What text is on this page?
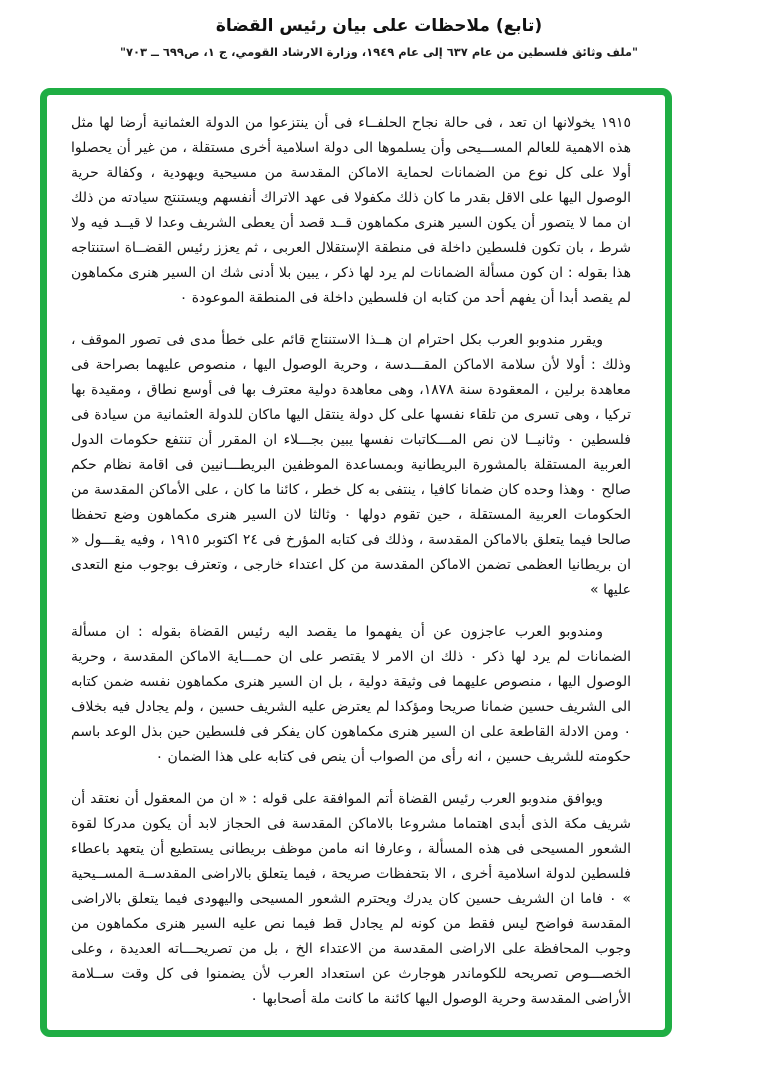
(تابع) ملاحظات على بيان رئيس القضاة
"ملف وثائق فلسطين من عام ٦٣٧ إلى عام ١٩٤٩، وزارة الارشاد القومي، ج ١، ص٦٩٩ ــ ٧٠٣"

١٩١٥ يخولانها ان تعد ، فى حالة نجاح الحلفــاء فى أن ينتزعوا من الدولة العثمانية أرضا لها مثل هذه الاهمية للعالم المســـيحى وأن يسلموها الى دولة اسلامية أخرى مستقلة ، من غير أن يحصلوا أولا على كل نوع من الضمانات لحماية الاماكن المقدسة من مسيحية ويهودية ، وكفالة حرية الوصول اليها على الاقل بقدر ما كان ذلك مكفولا فى عهد الاتراك أنفسهم ويستنتج سيادته من ذلك ان مما لا يتصور أن يكون السير هنرى مكماهون قــد قصد أن يعطى الشريف وعدا لا قيــد فيه ولا شرط ، بان تكون فلسطين داخلة فى منطقة الإستقلال العربى ، ثم يعزز رئيس القضــاة استنتاجه هذا بقوله : ان كون مسألة الضمانات لم يرد لها ذكر ، يبين بلا أدنى شك ان السير هنرى مكماهون لم يقصد أبدا أن يفهم أحد من كتابه ان فلسطين داخلة فى المنطقة الموعودة ٠

ويقرر مندوبو العرب بكل احترام ان هــذا الاستنتاج قائم على خطأ مدى فى تصور الموقف ، وذلك : أولا لأن سلامة الاماكن المقـــدسة ، وحرية الوصول اليها ، منصوص عليهما بصراحة فى معاهدة برلين ، المعقودة سنة ١٨٧٨، وهى معاهدة دولية معترف بها فى أوسع نطاق ، ومقيدة بها تركيا ، وهى تسرى من تلقاء نفسها على كل دولة ينتقل اليها ماكان للدولة العثمانية من سيادة فى فلسطين ٠ وثانيــا لان نص المـــكاتبات نفسها يبين بجـــلاء ان المقرر أن تنتفع حكومات الدول العربية المستقلة بالمشورة البريطانية وبمساعدة الموظفين البريطـــانيين فى اقامة نظام حكم صالح ٠ وهذا وحده كان ضمانا كافيا ، ينتفى به كل خطر ، كائنا ما كان ، على الأماكن المقدسة من الحكومات العربية المستقلة ، حين تقوم دولها ٠ وثالثا لان السير هنرى مكماهون وضع تحفظا صالحا فيما يتعلق بالاماكن المقدسة ، وذلك فى كتابه المؤرخ فى ٢٤ اكتوبر ١٩١٥ ، وفيه يقـــول « ان بريطانيا العظمى تضمن الاماكن المقدسة من كل اعتداء خارجى ، وتعترف بوجوب منع التعدى عليها »

ومندوبو العرب عاجزون عن أن يفهموا ما يقصد اليه رئيس القضاة بقوله : ان مسألة الضمانات لم يرد لها ذكر ٠ ذلك ان الامر لا يقتصر على ان حمـــاية الاماكن المقدسة ، وحرية الوصول اليها ، منصوص عليهما فى وثيقة دولية ، بل ان السير هنرى مكماهون نفسه ضمن كتابه الى الشريف حسين ضمانا صريحا ومؤكدا لم يعترض عليه الشريف حسين ، ولم يجادل فيه بخلاف ٠ ومن الادلة القاطعة على ان السير هنرى مكماهون كان يفكر فى فلسطين حين بذل الوعد باسم حكومته للشريف حسين ، انه رأى من الصواب أن ينص فى كتابه على هذا الضمان ٠

ويوافق مندوبو العرب رئيس القضاة أتم الموافقة على قوله : « ان من المعقول أن نعتقد أن شريف مكة الذى أبدى اهتماما مشروعا بالاماكن المقدسة فى الحجاز لابد أن يكون مدركا لقوة الشعور المسيحى فى هذه المسألة ، وعارفا انه مامن موظف بريطانى يستطيع أن يتعهد باعطاء فلسطين لدولة اسلامية أخرى ، الا بتحفظات صريحة ، فيما يتعلق بالاراضى المقدســة المســيحية » ٠ فاما ان الشريف حسين كان يدرك ويحترم الشعور المسيحى واليهودى فيما يتعلق بالاراضى المقدسة فواضح ليس فقط من كونه لم يجادل قط فيما نص عليه السير هنرى مكماهون من وجوب المحافظة على الاراضى المقدسة من الاعتداء الخ ، بل من تصريحـــاته العديدة ، وعلى الخصـــوص تصريحه للكوماندر هوجارث عن استعداد العرب لأن يضمنوا فى كل وقت ســلامة الأراضى المقدسة وحرية الوصول اليها كائنة ما كانت ملة أصحابها ٠
